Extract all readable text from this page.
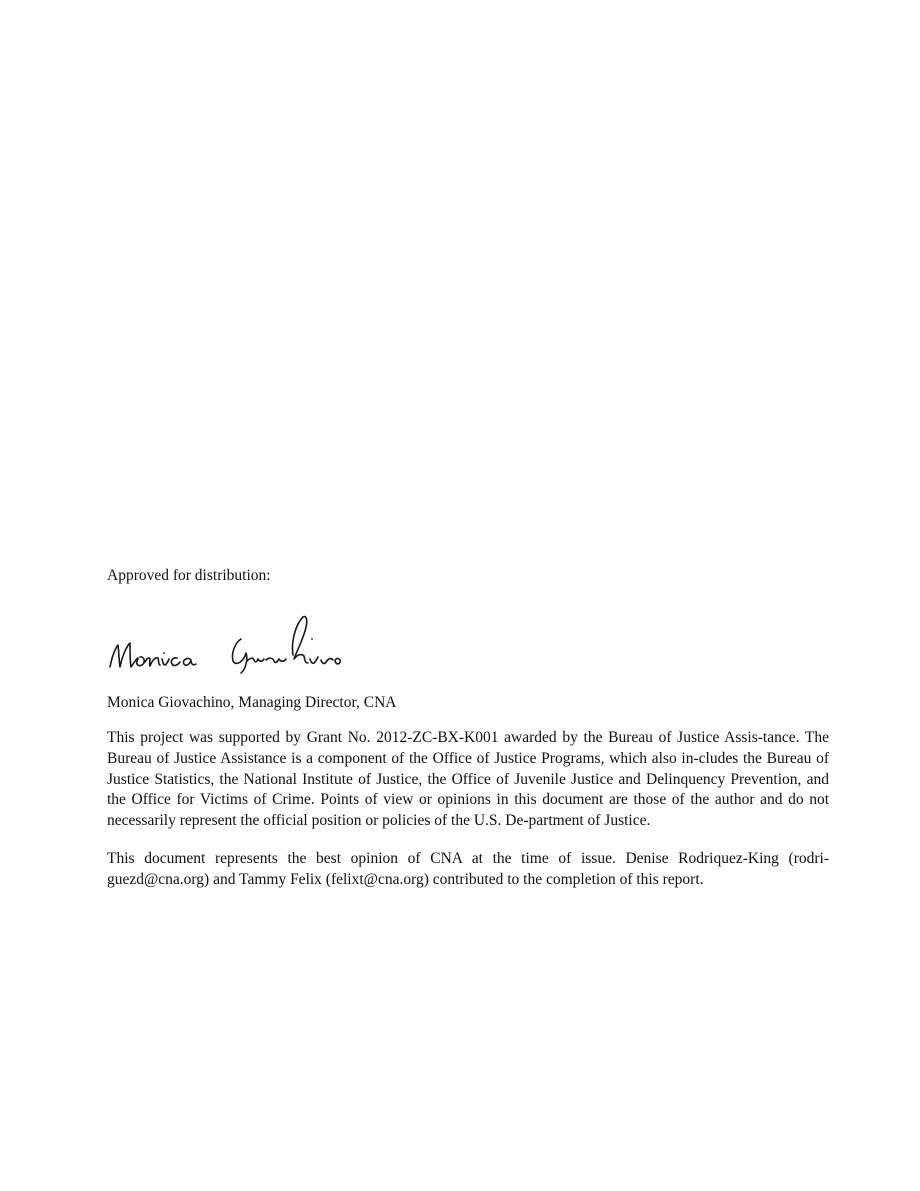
Approved for distribution:

Monica Giovachino, Managing Director, CNA

This project was supported by Grant No. 2012-ZC-BX-K001 awarded by the Bureau of Justice Assis-tance. The Bureau of Justice Assistance is a component of the Office of Justice Programs, which also in-cludes the Bureau of Justice Statistics, the National Institute of Justice, the Office of Juvenile Justice and Delinquency Prevention, and the Office for Victims of Crime. Points of view or opinions in this document are those of the author and do not necessarily represent the official position or policies of the U.S. De-partment of Justice.

This document represents the best opinion of CNA at the time of issue. Denise Rodriquez-King (rodri-guezd@cna.org) and Tammy Felix (felixt@cna.org) contributed to the completion of this report.
